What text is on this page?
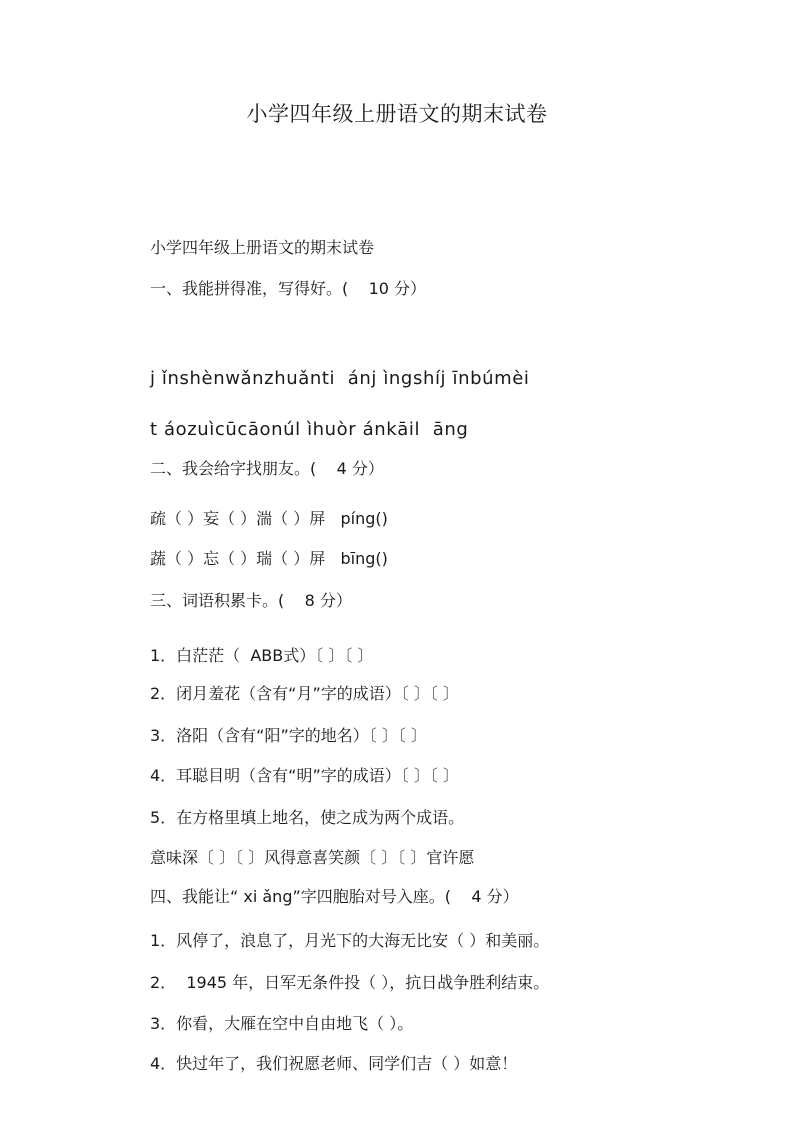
小学四年级上册语文的期末试卷
小学四年级上册语文的期末试卷
一、我能拼得准，写得好。(    10 分）
j ǐnshènwǎnzhuǎnti  ánj ìngshíj īnbúmèi
t áozuìcūcāonúl ìhuòr ánkāil  āng
二、我会给字找朋友。(    4 分）
疏（ ）妄（ ）湍（ ）屏   píng()
蔬（ ）忘（ ）瑞（ ）屏   bīng()
三、词语积累卡。(    8 分）
1．白茫茫（  ABB式）〔 〕〔 〕
2．闭月羞花（含有“月”字的成语）〔 〕〔 〕
3．洛阳（含有“阳”字的地名）〔 〕〔 〕
4．耳聪目明（含有“明”字的成语）〔 〕〔 〕
5．在方格里填上地名，使之成为两个成语。
意味深〔 〕〔 〕风得意喜笑颜〔 〕〔 〕官许愿
四、我能让“ xi ǎng”字四胞胎对号入座。(    4 分）
1．风停了，浪息了，月光下的大海无比安（ ）和美丽。
2．  1945 年，日军无条件投（ ），抗日战争胜利结束。
3．你看，大雁在空中自由地飞（ ）。
4．快过年了，我们祝愿老师、同学们吉（ ）如意！
